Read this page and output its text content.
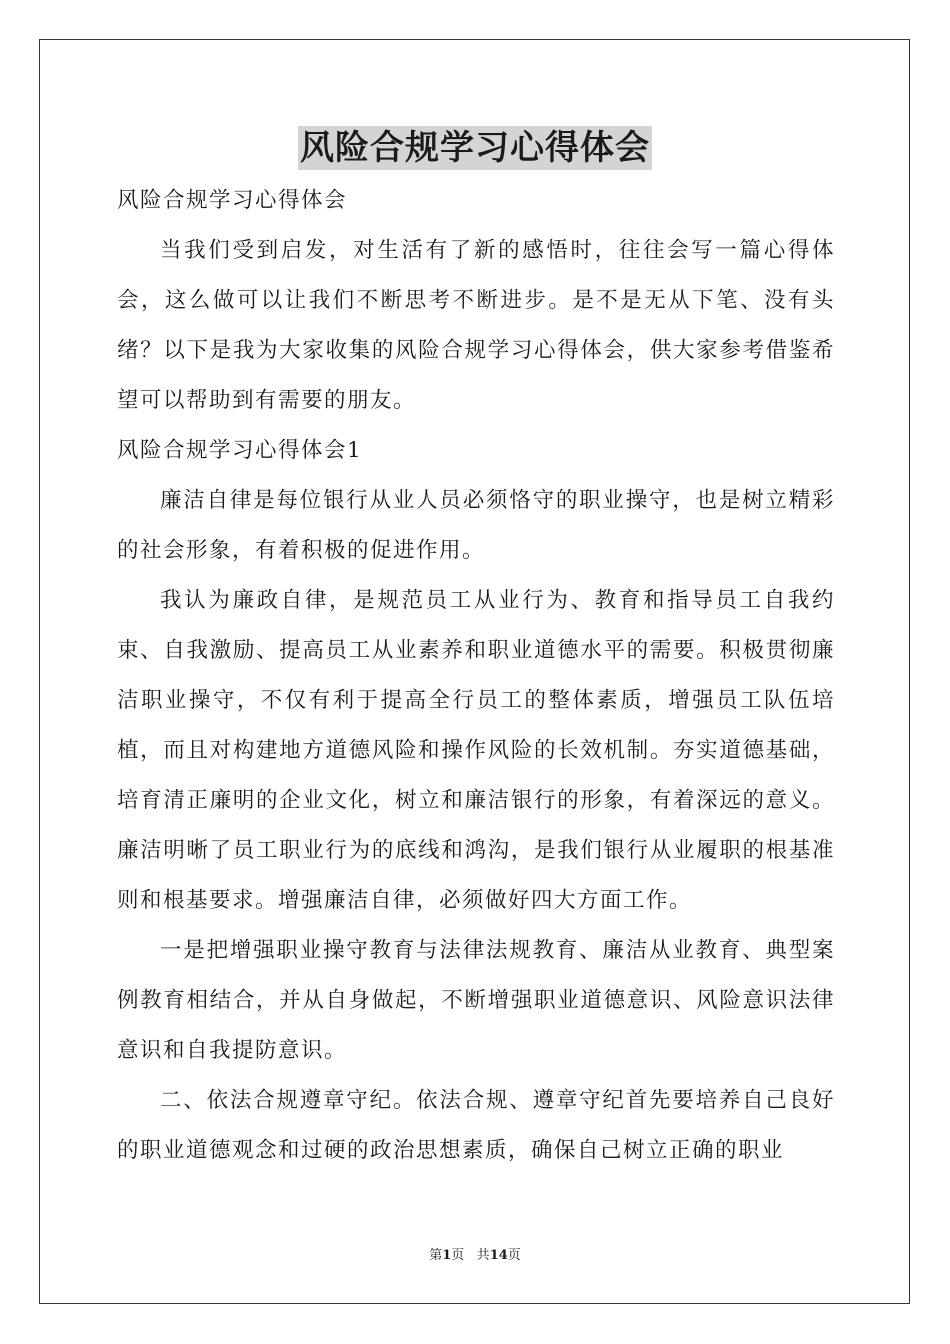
风险合规学习心得体会

风险合规学习心得体会

当我们受到启发，对生活有了新的感悟时，往往会写一篇心得体会，这么做可以让我们不断思考不断进步。是不是无从下笔、没有头绪？以下是我为大家收集的风险合规学习心得体会，供大家参考借鉴希望可以帮助到有需要的朋友。

风险合规学习心得体会1

廉洁自律是每位银行从业人员必须恪守的职业操守，也是树立精彩的社会形象，有着积极的促进作用。

我认为廉政自律，是规范员工从业行为、教育和指导员工自我约束、自我激励、提高员工从业素养和职业道德水平的需要。积极贯彻廉洁职业操守，不仅有利于提高全行员工的整体素质，增强员工队伍培植，而且对构建地方道德风险和操作风险的长效机制。夯实道德基础，培育清正廉明的企业文化，树立和廉洁银行的形象，有着深远的意义。廉洁明晰了员工职业行为的底线和鸿沟，是我们银行从业履职的根基准则和根基要求。增强廉洁自律，必须做好四大方面工作。

一是把增强职业操守教育与法律法规教育、廉洁从业教育、典型案例教育相结合，并从自身做起，不断增强职业道德意识、风险意识法律意识和自我提防意识。

二、依法合规遵章守纪。依法合规、遵章守纪首先要培养自己良好的职业道德观念和过硬的政治思想素质，确保自己树立正确的职业

第1页 共14页
